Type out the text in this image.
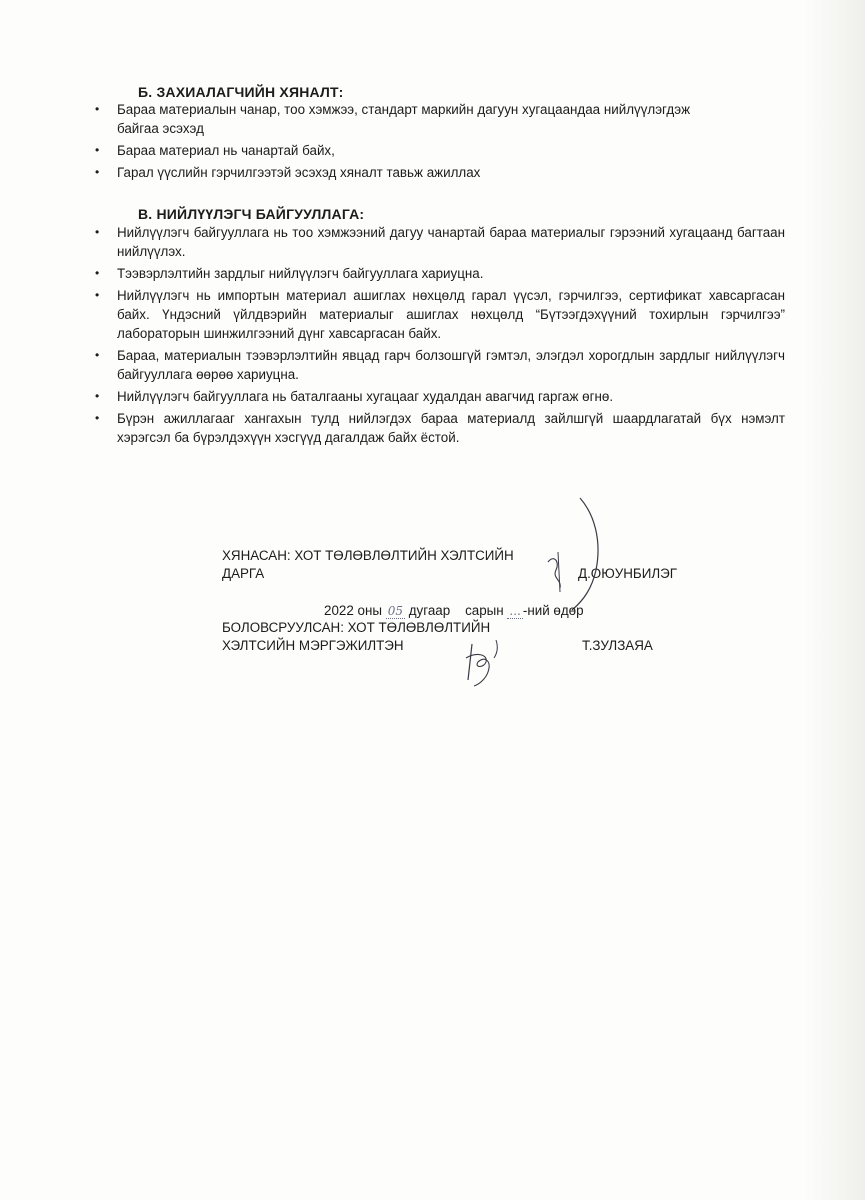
Б. ЗАХИАЛАГЧИЙН ХЯНАЛТ:
• Бараа материалын чанар, тоо хэмжээ, стандарт маркийн дагуун хугацаандаа нийлүүлэгдэж байгаа эсэхэд
• Бараа материал нь чанартай байх,
• Гарал үүслийн гэрчилгээтэй эсэхэд хяналт тавьж ажиллах
В. НИЙЛҮҮЛЭГЧ БАЙГУУЛЛАГА:
• Нийлүүлэгч байгууллага нь тоо хэмжээний дагуу чанартай бараа материалыг гэрээний хугацаанд багтаан нийлүүлэх.
• Тээвэрлэлтийн зардлыг нийлүүлэгч байгууллага хариуцна.
• Нийлүүлэгч нь импортын материал ашиглах нөхцөлд гарал үүсэл, гэрчилгээ, сертификат хавсаргасан байх. Үндэсний үйлдвэрийн материалыг ашиглах нөхцөлд “Бүтээгдэхүүний тохирлын гэрчилгээ” лабораторын шинжилгээний дүнг хавсаргасан байх.
• Бараа, материалын тээвэрлэлтийн явцад гарч болзошгүй гэмтэл, элэгдэл хорогдлын зардлыг нийлүүлэгч байгууллага өөрөө хариуцна.
• Нийлүүлэгч байгууллага нь баталгааны хугацааг худалдан авагчид гаргаж өгнө.
• Бүрэн ажиллагааг хангахын тулд нийлэгдэх бараа материалд зайлшгүй шаардлагатай бүх нэмэлт хэрэгсэл ба бүрэлдэхүүн хэсгүүд дагалдаж байх ёстой.
ХЯНАСАН: ХОТ ТӨЛӨВЛӨЛТИЙН ХЭЛТСИЙН
ДАРГА	Д.ОЮУНБИЛЭГ
2022 оны 05 дугаар сарын ... -ний өдөр
БОЛОВСРУУЛСАН: ХОТ ТӨЛӨВЛӨЛТИЙН
ХЭЛТСИЙН МЭРГЭЖИЛТЭН	Т.ЗУЛЗАЯА
